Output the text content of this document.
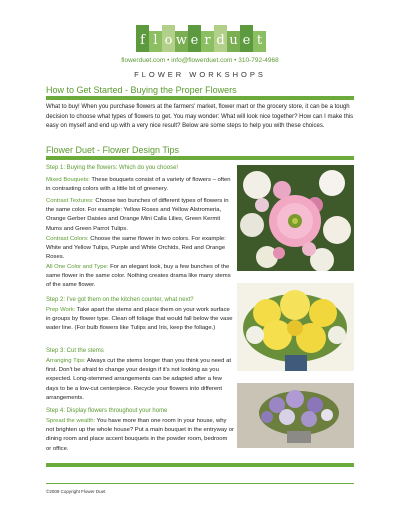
f l o w e r d u e t
flowerduet.com • info@flowerduet.com • 310-792-4968
FLOWER WORKSHOPS
How to Get Started - Buying the Proper Flowers
What to buy! When you purchase flowers at the farmers' market, flower mart or the grocery store, it can be a tough decision to choose what types of flowers to get. You may wonder: What will look nice together? How can I make this easy on myself and end up with a very nice result? Below are some steps to help you with these choices.
Flower Duet - Flower Design Tips
Step 1: Buying the flowers: Which do you choose!
Mixed Bouquets: These bouquets consist of a variety of flowers – often in contrasting colors with a little bit of greenery.
Contrast Textures: Choose two bunches of different types of flowers in the same color. For example: Yellow Roses and Yellow Alstromeria, Orange Gerber Daisies and Orange Mini Calla Lilies, Green Kermit Mums and Green Parrot Tulips.
Contrast Colors: Choose the same flower in two colors. For example: White and Yellow Tulips, Purple and White Orchids, Red and Orange Roses.
All One Color and Type: For an elegant look, buy a few bunches of the same flower in the same color. Nothing creates drama like many stems of the same flower.
Step 2: I've got them on the kitchen counter, what next?
Prep Work: Take apart the stems and place them on your work surface in groups by flower type. Clean off foliage that would fall below the vase water line. (For bulb flowers like Tulips and Iris, keep the foliage.)
Step 3: Cut the stems
Arranging Tips: Always cut the stems longer than you think you need at first. Don't be afraid to change your design if it's not looking as you expected. Long-stemmed arrangements can be adapted after a few days to be a low-cut centerpiece. Recycle your flowers into different arrangements.
Step 4: Display flowers throughout your home
Spread the wealth: You have more than one room in your house, why not brighten up the whole house? Put a main bouquet in the entryway or dining room and place accent bouquets in the powder room, bedroom or office.
©2009 Copyright Flower Duet
